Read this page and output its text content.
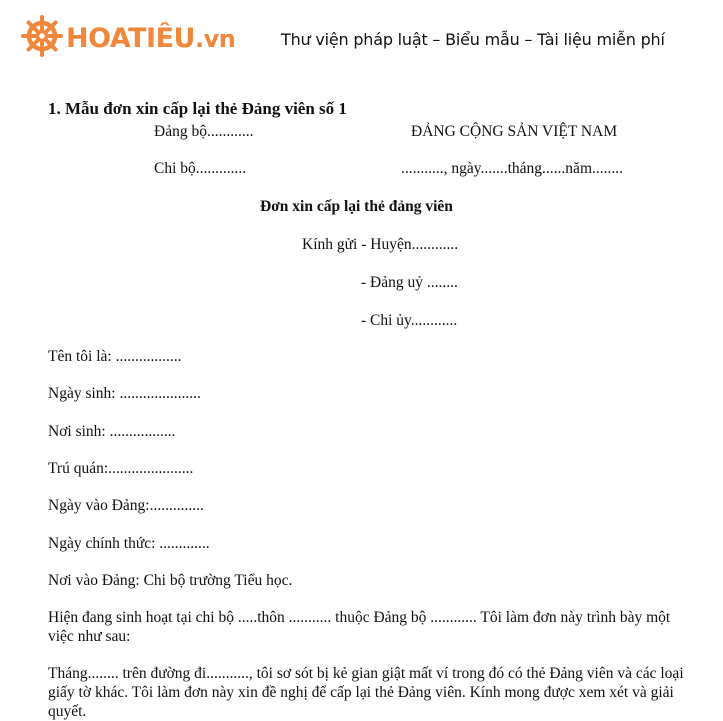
HOATIÊU.vn	Thư viện pháp luật – Biểu mẫu – Tài liệu miễn phí
1. Mẫu đơn xin cấp lại thẻ Đảng viên số 1
Đảng bộ............	ĐẢNG CỘNG SẢN VIỆT NAM
Chi bộ.............	..........., ngày.......tháng......năm........
Đơn xin cấp lại thẻ đảng viên
Kính gửi - Huyện............
- Đảng uỷ ........
- Chi ủy............
Tên tôi là: .................
Ngày sinh: .....................
Nơi sinh: .................
Trú quán:......................
Ngày vào Đảng:..............
Ngày chính thức: .............
Nơi vào Đảng: Chi bộ trường Tiểu học.
Hiện đang sinh hoạt tại chi bộ .....thôn ........... thuộc Đảng bộ ............ Tôi làm đơn này trình bày một việc như sau:
Tháng........ trên đường đi..........., tôi sơ sót bị kẻ gian giật mất ví trong đó có thẻ Đảng viên và các loại giấy tờ khác. Tôi làm đơn này xin đề nghị để cấp lại thẻ Đảng viên. Kính mong được xem xét và giải quyết.
